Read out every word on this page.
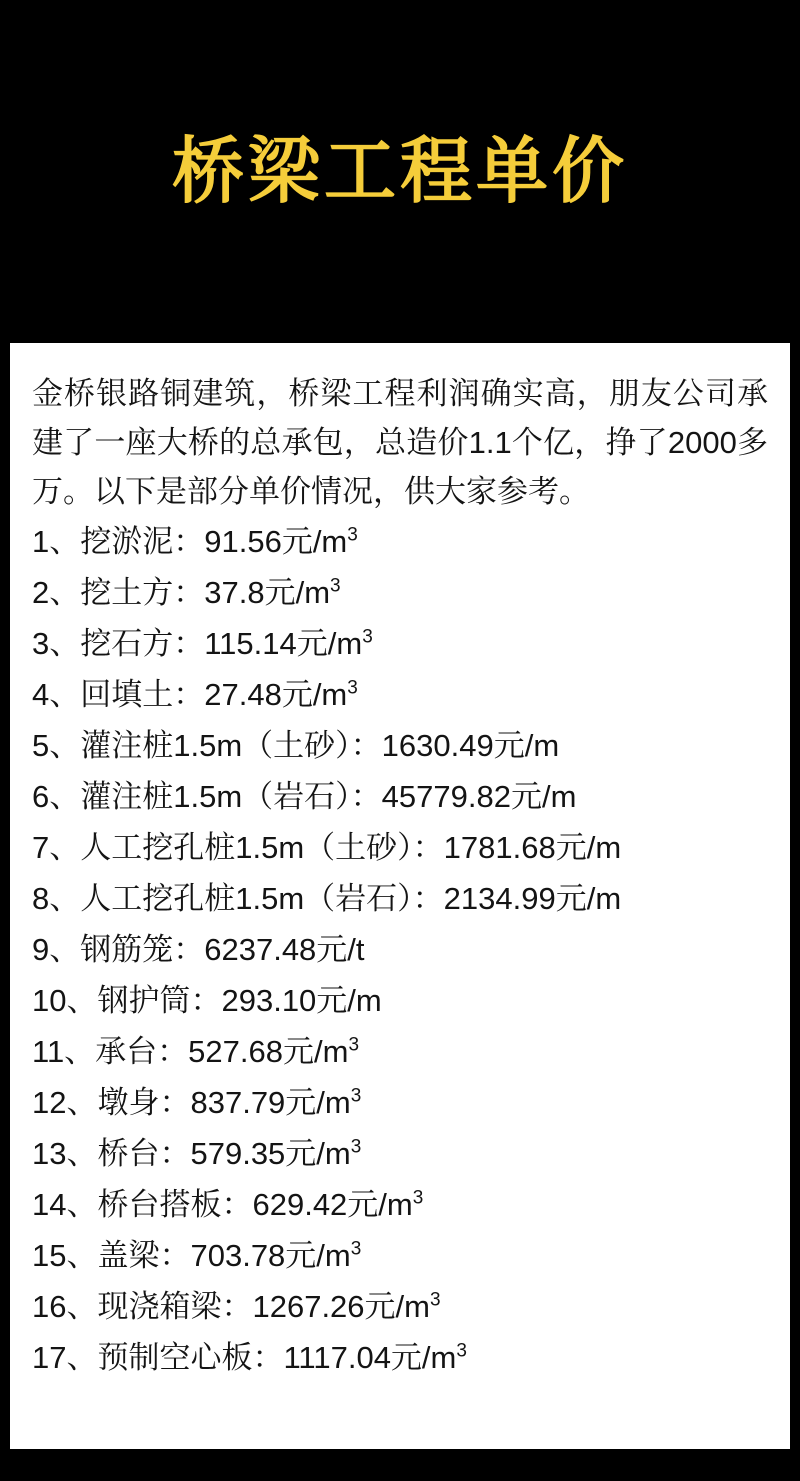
桥梁工程单价

金桥银路铜建筑，桥梁工程利润确实高，朋友公司承建了一座大桥的总承包，总造价1.1个亿，挣了2000多万。以下是部分单价情况，供大家参考。

1、挖淤泥：91.56元$/m^3$
2、挖土方：37.8元$/m^3$
3、挖石方：115.14元$/m^3$
4、回填土：27.48元$/m^3$
5、灌注桩1.5m（土砂）：1630.49元/m
6、灌注桩1.5m（岩石）：45779.82元/m
7、人工挖孔桩1.5m（土砂）：1781.68元/m
8、人工挖孔桩1.5m（岩石）：2134.99元/m
9、钢筋笼：6237.48元/t
10、钢护筒：293.10元/m
11、承台：527.68元$/m^3$
12、墩身：837.79元$/m^3$
13、桥台：579.35元$/m^3$
14、桥台搭板：629.42元$/m^3$
15、盖梁：703.78元$/m^3$
16、现浇箱梁：1267.26元$/m^3$
17、预制空心板：1117.04元$/m^3$
